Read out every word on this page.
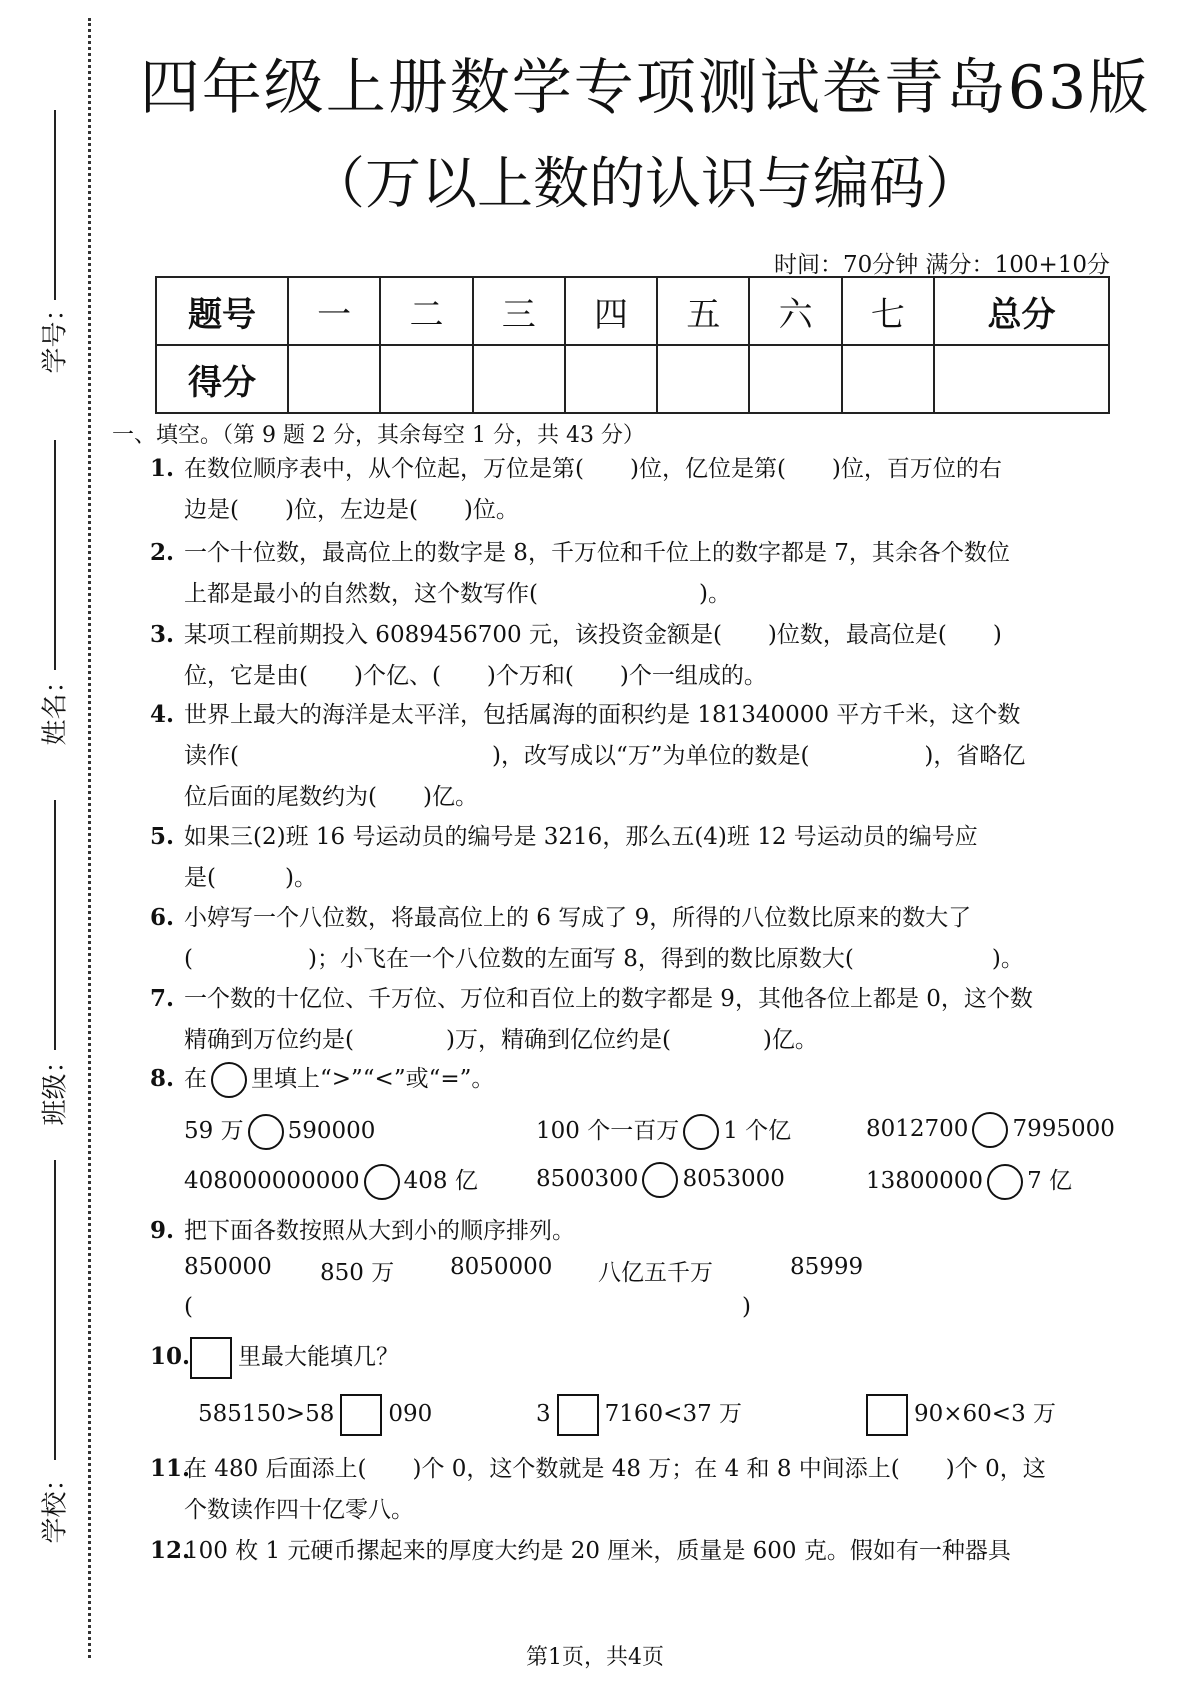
学号：
姓名：
班级：
学校：
四年级上册数学专项测试卷青岛63版
（万以上数的认识与编码）
时间：70分钟 满分：100+10分
题号	一	二	三	四	五	六	七	总分
得分								
一、填空。（第 9 题 2 分，其余每空 1 分，共 43 分）
1. 在数位顺序表中，从个位起，万位是第(　　)位，亿位是第(　　)位，百万位的右
边是(　　)位，左边是(　　)位。
2. 一个十位数，最高位上的数字是 8，千万位和千位上的数字都是 7，其余各个数位
上都是最小的自然数，这个数写作(　　　　　　　)。
3. 某项工程前期投入 6089456700 元，该投资金额是(　　)位数，最高位是(　　)
位，它是由(　　)个亿、(　　)个万和(　　)个一组成的。
4. 世界上最大的海洋是太平洋，包括属海的面积约是 181340000 平方千米，这个数
读作(　　　　　　　　　　　)，改写成以“万”为单位的数是(　　　　　)，省略亿
位后面的尾数约为(　　)亿。
5. 如果三(2)班 16 号运动员的编号是 3216，那么五(4)班 12 号运动员的编号应
是(　　　)。
6. 小婷写一个八位数，将最高位上的 6 写成了 9，所得的八位数比原来的数大了
(　　　　　)；小飞在一个八位数的左面写 8，得到的数比原数大(　　　　　　)。
7. 一个数的十亿位、千万位、万位和百位上的数字都是 9，其他各位上都是 0，这个数
精确到万位约是(　　　　)万，精确到亿位约是(　　　　)亿。
8. 在 里填上“>”“<”或“=”。
59 万 590000	100 个一百万 1 个亿	8012700 7995000
408000000000 408 亿	8500300 8053000	13800000 7 亿
9. 把下面各数按照从大到小的顺序排列。
850000 850 万 8050000 八亿五千万	85999
(	)
10. 里最大能填几？
585150>58 090	3 7160<37 万	90×60<3 万
11.在 480 后面添上(　　)个 0，这个数就是 48 万；在 4 和 8 中间添上(　　)个 0，这
个数读作四十亿零八。
12.100 枚 1 元硬币摞起来的厚度大约是 20 厘米，质量是 600 克。假如有一种器具
第1页，共4页
